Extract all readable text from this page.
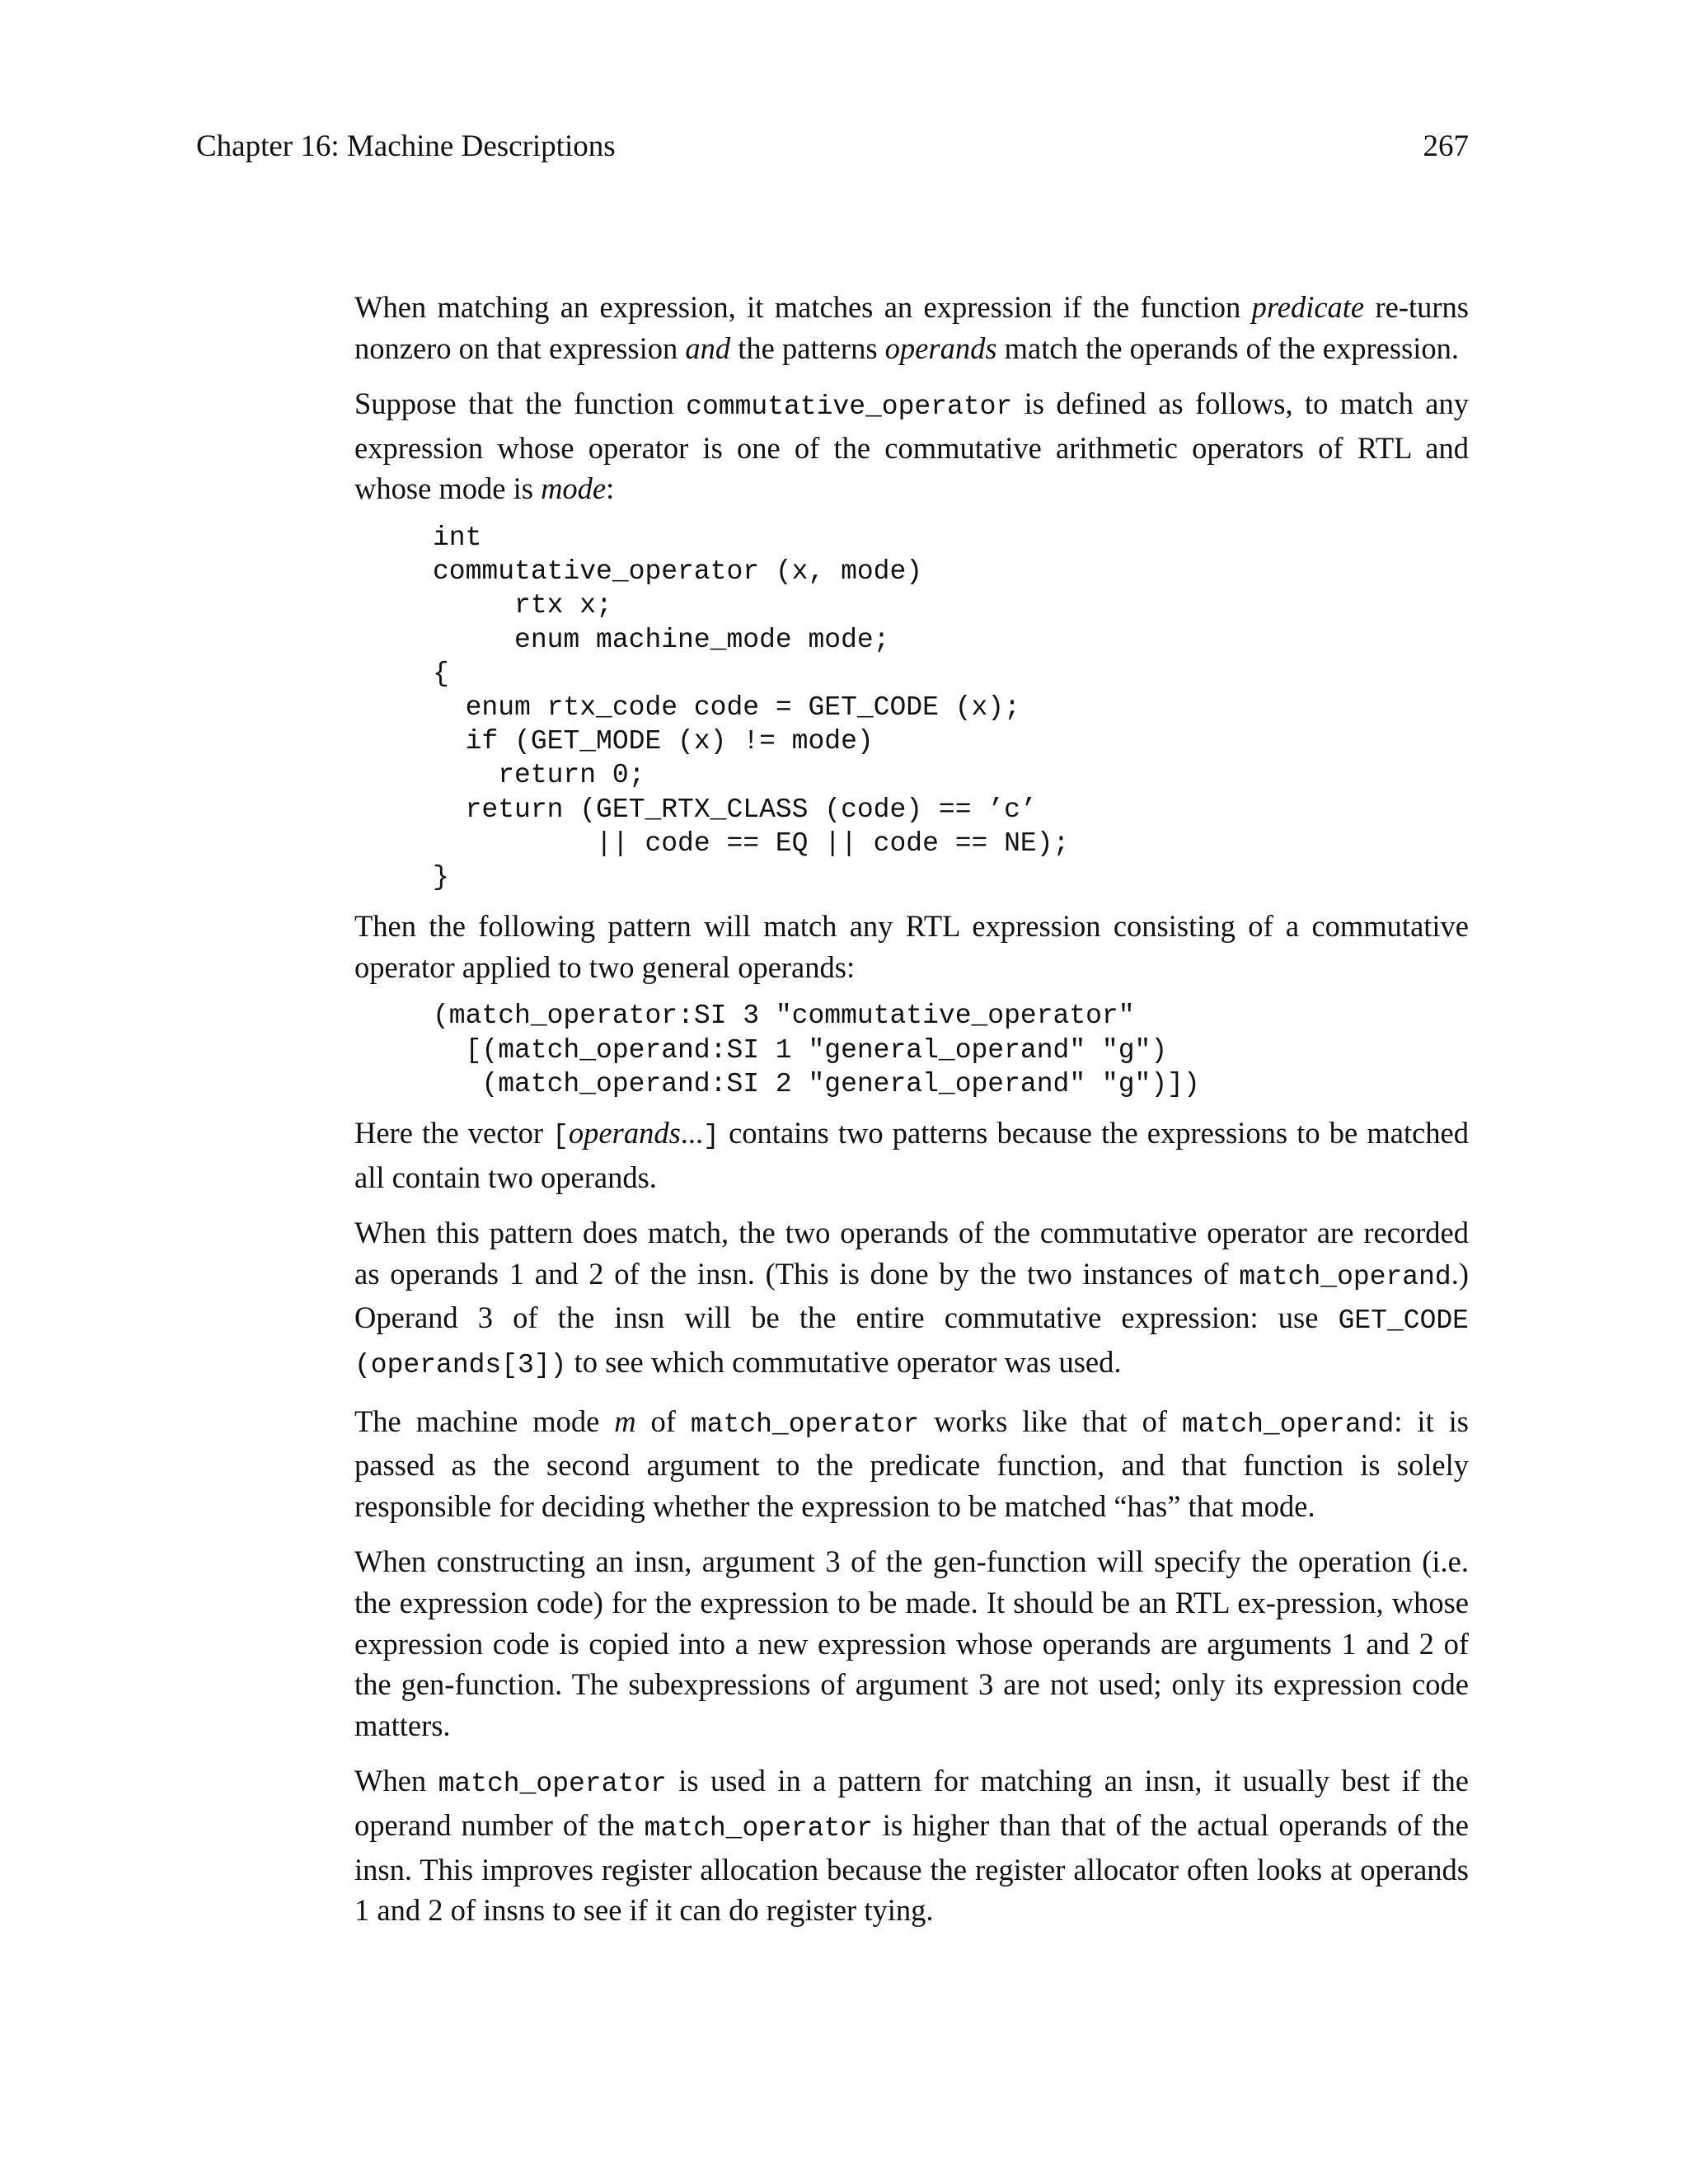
Chapter 16: Machine Descriptions	267

When matching an expression, it matches an expression if the function predicate re-turns nonzero on that expression and the patterns operands match the operands of the expression.

Suppose that the function commutative_operator is defined as follows, to match any expression whose operator is one of the commutative arithmetic operators of RTL and whose mode is mode:

int
commutative_operator (x, mode)
rtx x;
enum machine_mode mode;
{
enum rtx_code code = GET_CODE (x);
if (GET_MODE (x) != mode)
return 0;
return (GET_RTX_CLASS (code) == ’c’
|| code == EQ || code == NE);
}

Then the following pattern will match any RTL expression consisting of a commutative operator applied to two general operands:

(match_operator:SI 3 "commutative_operator"
[(match_operand:SI 1 "general_operand" "g")
(match_operand:SI 2 "general_operand" "g")])

Here the vector [operands...] contains two patterns because the expressions to be matched all contain two operands.

When this pattern does match, the two operands of the commutative operator are recorded as operands 1 and 2 of the insn. (This is done by the two instances of match_operand.) Operand 3 of the insn will be the entire commutative expression: use GET_CODE (operands[3]) to see which commutative operator was used.

The machine mode m of match_operator works like that of match_operand: it is passed as the second argument to the predicate function, and that function is solely responsible for deciding whether the expression to be matched “has” that mode.

When constructing an insn, argument 3 of the gen-function will specify the operation (i.e. the expression code) for the expression to be made. It should be an RTL ex-pression, whose expression code is copied into a new expression whose operands are arguments 1 and 2 of the gen-function. The subexpressions of argument 3 are not used; only its expression code matters.

When match_operator is used in a pattern for matching an insn, it usually best if the operand number of the match_operator is higher than that of the actual operands of the insn. This improves register allocation because the register allocator often looks at operands 1 and 2 of insns to see if it can do register tying.
